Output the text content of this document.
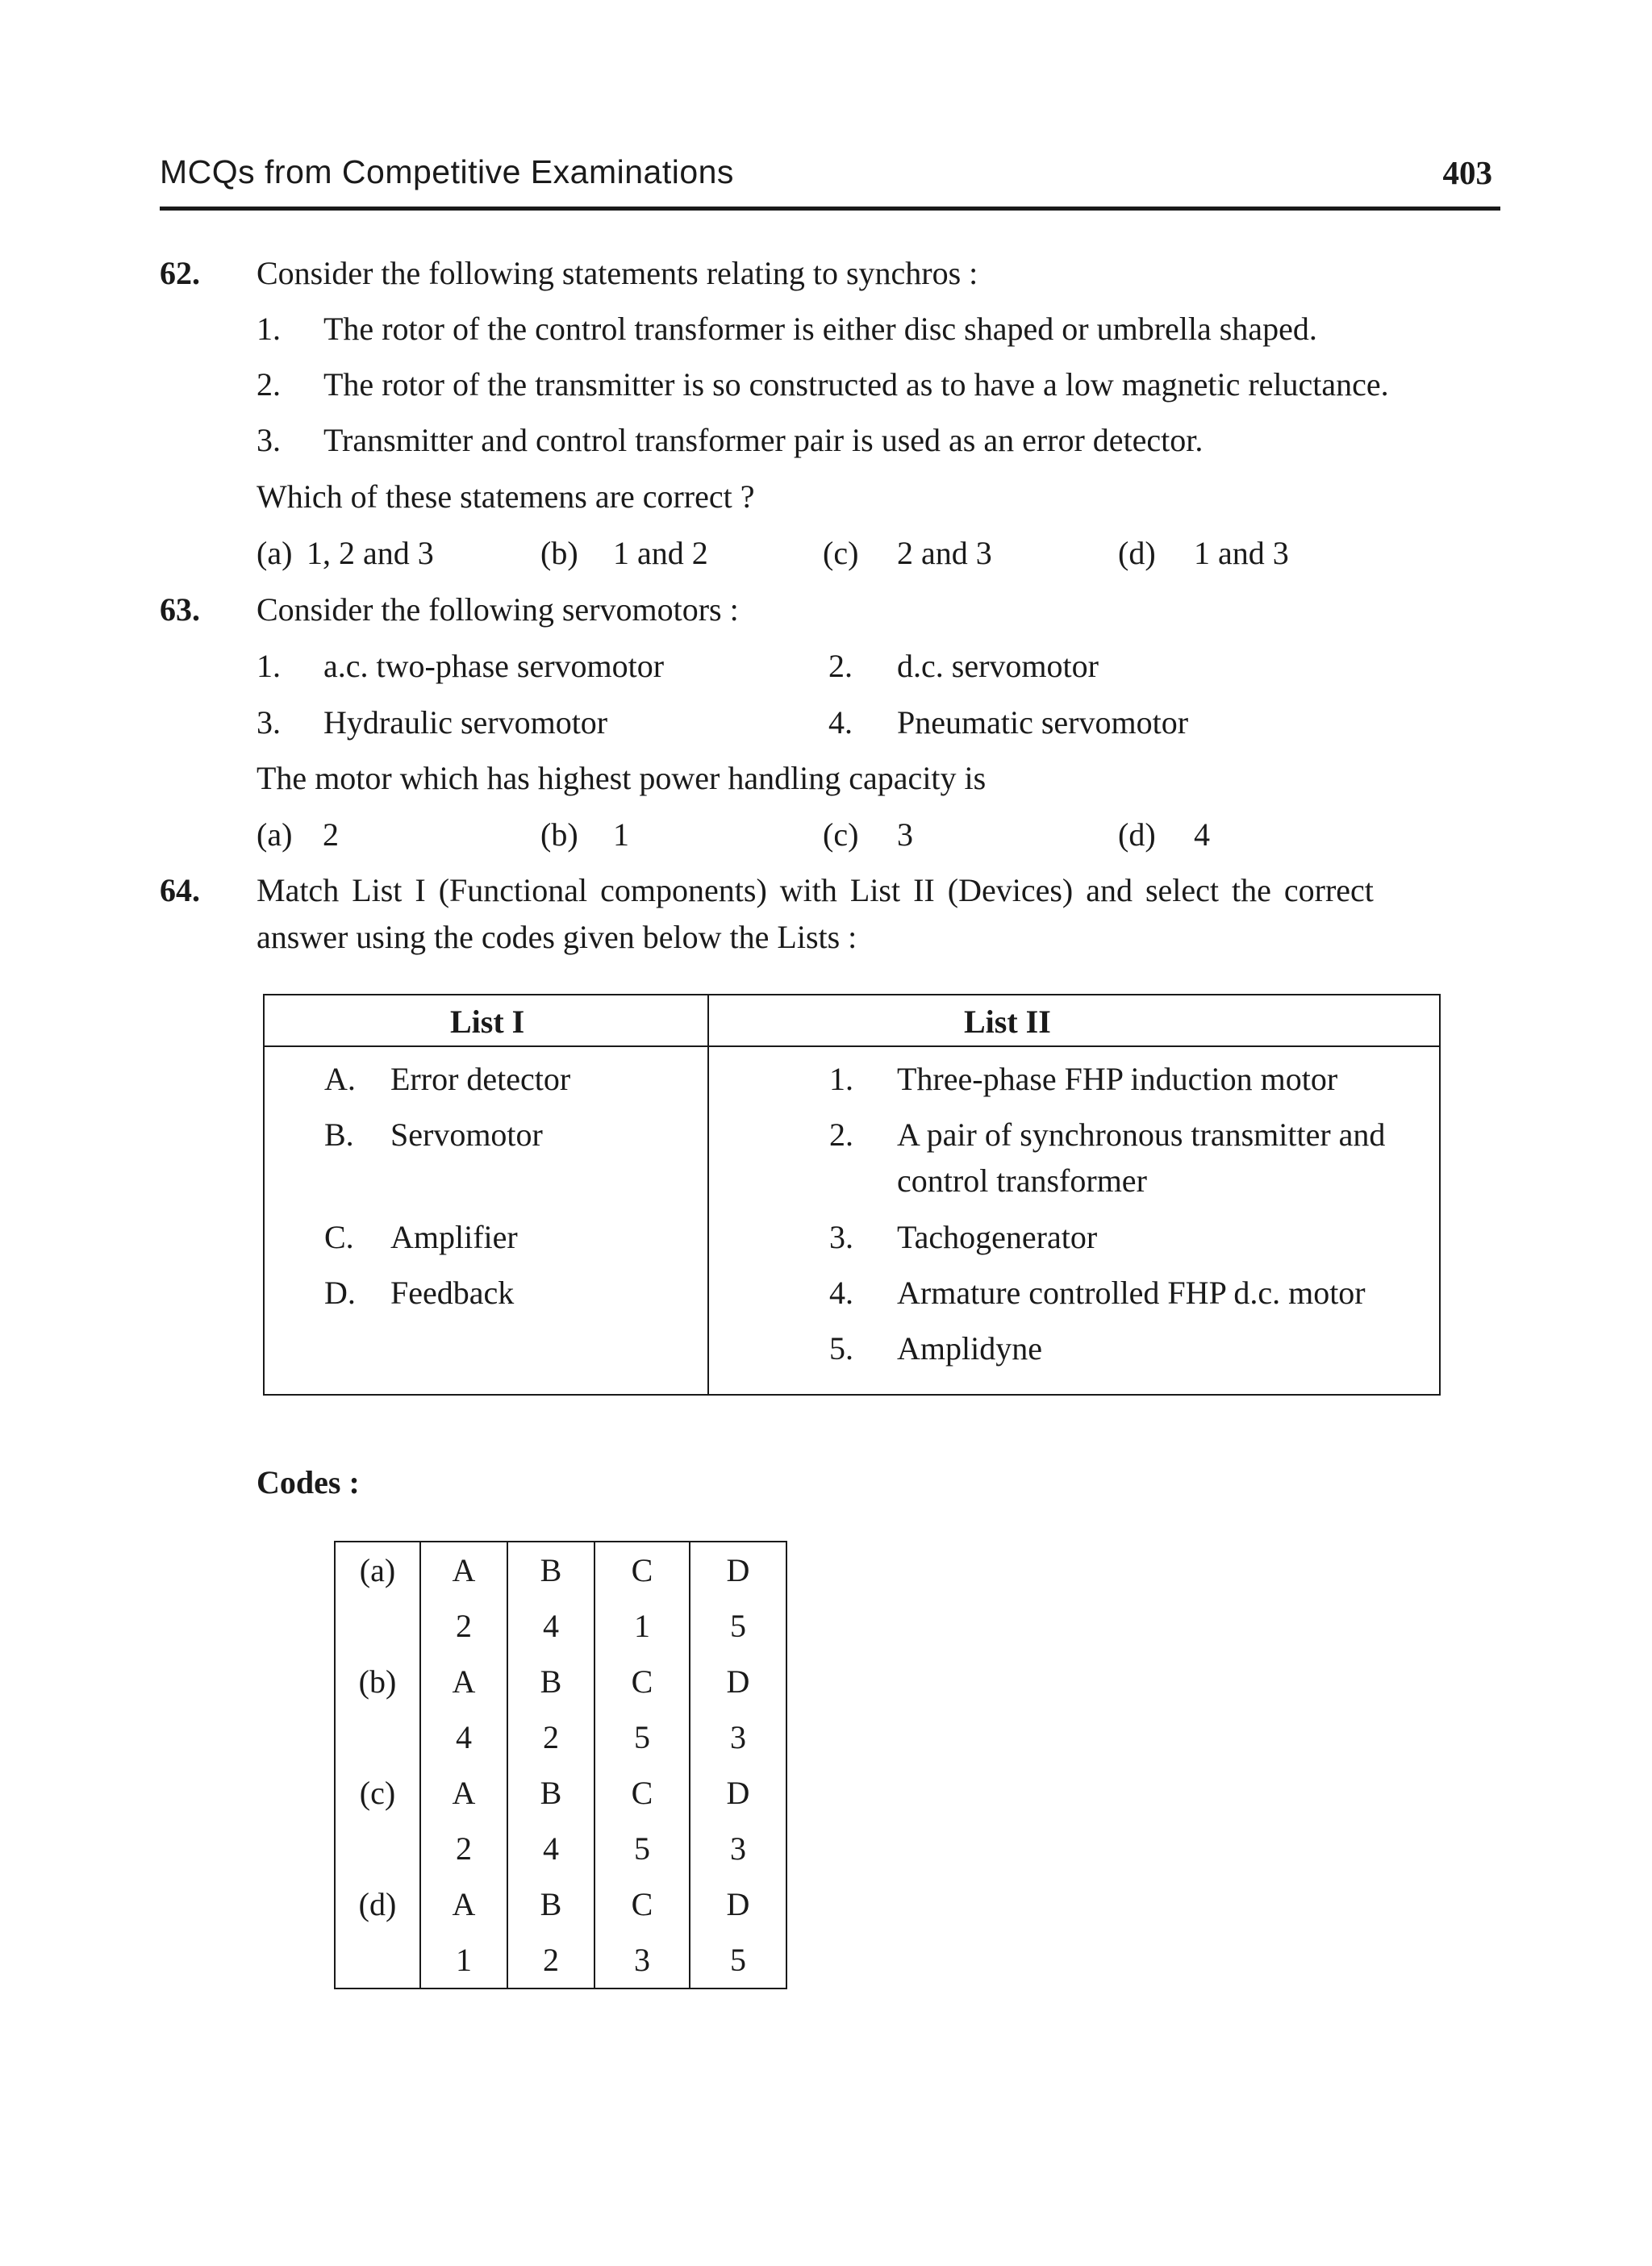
MCQs from Competitive Examinations	403
62. Consider the following statements relating to synchros :
1. The rotor of the control transformer is either disc shaped or umbrella shaped.
2. The rotor of the transmitter is so constructed as to have a low magnetic reluctance.
3. Transmitter and control transformer pair is used as an error detector.
Which of these statemens are correct ?
(a) 1, 2 and 3	(b) 1 and 2	(c) 2 and 3	(d) 1 and 3
63. Consider the following servomotors :
1. a.c. two-phase servomotor	2. d.c. servomotor
3. Hydraulic servomotor	4. Pneumatic servomotor
The motor which has highest power handling capacity is
(a) 2	(b) 1	(c) 3	(d) 4
64. Match List I (Functional components) with List II (Devices) and select the correct
answer using the codes given below the Lists :
List I	List II
A. Error detector
B. Servomotor
C. Amplifier
D. Feedback
1. Three-phase FHP induction motor
2. A pair of synchronous transmitter and
control transformer
3. Tachogenerator
4. Armature controlled FHP d.c. motor
5. Amplidyne
Codes :
(a)	A	B	C	D
	2	4	1	5
(b)	A	B	C	D
	4	2	5	3
(c)	A	B	C	D
	2	4	5	3
(d)	A	B	C	D
	1	2	3	5
